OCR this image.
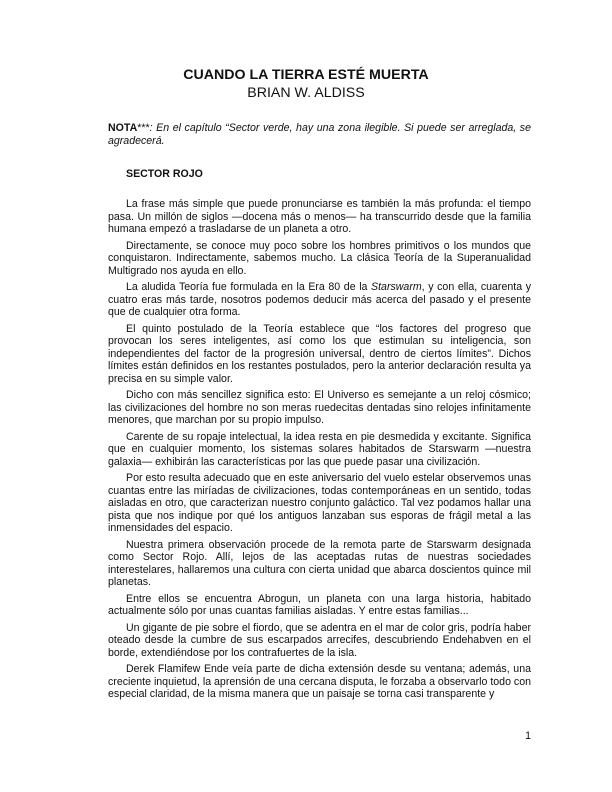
CUANDO LA TIERRA ESTÉ MUERTA
BRIAN W. ALDISS
NOTA***: En el capítulo “Sector verde, hay una zona ilegible. Si puede ser arreglada, se agradecerá.
SECTOR ROJO

La frase más simple que puede pronunciarse es también la más profunda: el tiempo pasa. Un millón de siglos —docena más o menos— ha transcurrido desde que la familia humana empezó a trasladarse de un planeta a otro.

Directamente, se conoce muy poco sobre los hombres primitivos o los mundos que conquistaron. Indirectamente, sabemos mucho. La clásica Teoría de la Superanualidad Multigrado nos ayuda en ello.

La aludida Teoría fue formulada en la Era 80 de la Starswarm, y con ella, cuarenta y cuatro eras más tarde, nosotros podemos deducir más acerca del pasado y el presente que de cualquier otra forma.

El quinto postulado de la Teoría establece que “los factores del progreso que provocan los seres inteligentes, así como los que estimulan su inteligencia, son independientes del factor de la progresión universal, dentro de ciertos límites”. Dichos límites están definidos en los restantes postulados, pero la anterior declaración resulta ya precisa en su simple valor.

Dicho con más sencillez significa esto: El Universo es semejante a un reloj cósmico; las civilizaciones del hombre no son meras ruedecitas dentadas sino relojes infinitamente menores, que marchan por su propio impulso.

Carente de su ropaje intelectual, la idea resta en pie desmedida y excitante. Significa que en cualquier momento, los sistemas solares habitados de Starswarm —nuestra galaxia— exhibirán las características por las que puede pasar una civilización.

Por esto resulta adecuado que en este aniversario del vuelo estelar observemos unas cuantas entre las miríadas de civilizaciones, todas contemporáneas en un sentido, todas aisladas en otro, que caracterizan nuestro conjunto galáctico. Tal vez podamos hallar una pista que nos indique por qué los antiguos lanzaban sus esporas de frágil metal a las inmensidades del espacio.

Nuestra primera observación procede de la remota parte de Starswarm designada como Sector Rojo. Allí, lejos de las aceptadas rutas de nuestras sociedades interestelares, hallaremos una cultura con cierta unidad que abarca doscientos quince mil planetas.

Entre ellos se encuentra Abrogun, un planeta con una larga historia, habitado actualmente sólo por unas cuantas familias aisladas. Y entre estas familias...

Un gigante de pie sobre el fiordo, que se adentra en el mar de color gris, podría haber oteado desde la cumbre de sus escarpados arrecifes, descubriendo Endehabven en el borde, extendiéndose por los contrafuertes de la isla.

Derek Flamifew Ende veía parte de dicha extensión desde su ventana; además, una creciente inquietud, la aprensión de una cercana disputa, le forzaba a observarlo todo con especial claridad, de la misma manera que un paisaje se torna casi transparente y

1
